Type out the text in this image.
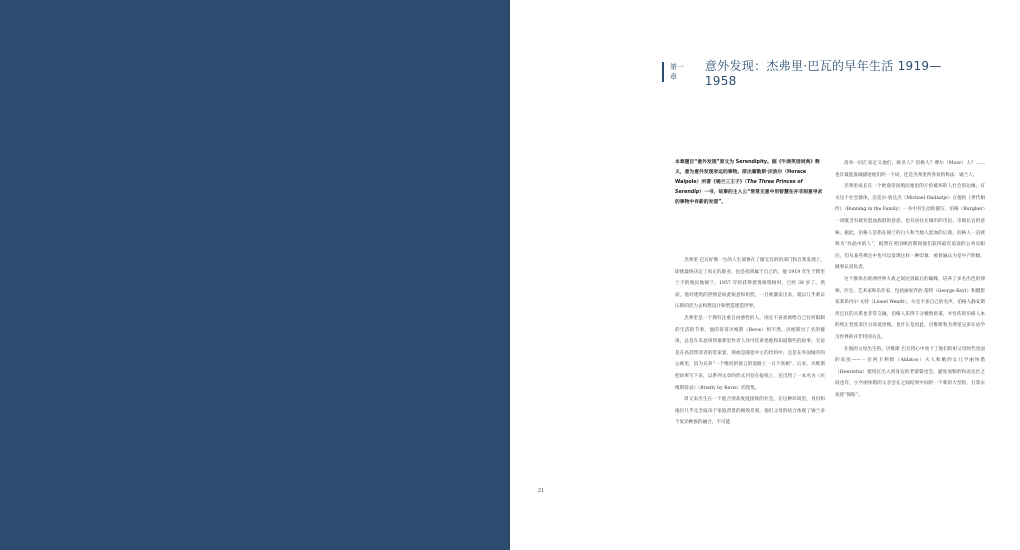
第一章
意外发现：杰弗里·巴瓦的早年生活 1919—1958
本章题目“意外发现”原文为 Serendipity。据《牛津英语词典》释义，意为意外发现幸运的事物。原出霍勒斯·沃波尔（Horace Walpole）所著《锡兰三王子》（The Three Princes of Serendip）一书，故事的主人公“常常无意中用智慧在并非刻意寻求的事物中有新的发现”。

杰弗里·巴瓦好像一生的人生部署在了循无目的的部门和自我发现上，即使最终决定了真正的职业，也是找到属于自己的。他 1919 年生于斯里兰卡的殖民地锡兰，1957 年时获得建筑师资格时，已经 38 岁了。然而，他对建筑的热情是如此锐意和炽烈，一旦被激发出来，就以几乎难以压抑的活力去构想设计和塑造建造世界。

杰弗里是一个拥有注重自由感性的人，闲且不喜欢被给自己任何限制的生活的节奏，他的哥哥贝维斯（Bevis）则不然。贝维斯出了名的健谈，总是在乐意叫到谁那里作者人洋可挂讲述他和知道那些的故事。无论是在高挂带者者的装家宴，抑或是随意中主的饮料中，还是在外国城市的公寓里，因为兄弟“一个维持的欲言的道路上一日个真相”，后来，贝维斯把故事写下来，以系列文章的形式刊登在报纸上，还出售了一本名为《贝维斯简录》（Briefly by Bevis）的选集。

周又来出生在一个混合别高度混接收的社会，在这种环境里，身份和地位几乎完全取决于家庭背景的细致差别。他们父母的结合体现了锡兰多个复杂种族的融合，不可能

清单一回汇家定义他们，欧亚人？伯格人？摩尔（Moor）人？……也许最能准确描述他们的一个词，还是杰弗里所喜欢的称法：锡兰人。

杰弗里成长在一个欧裔帝国殖民地里的斤伦破坏的人社会的边缘。有关这个社会群体，迈克尔·翁达杰（Michael Ondaatje）在他的《世代相传》（Running in the Family）一书中有生动的描写。伯格（Burgher）一词既含有欧亚混血族群的意思，也有居住在城市的市民、市镇长官的意味。据此，伯格人是指在锡兰的白人和当地人混血的后裔。伯格人一直被称为“亮晶中的人”，据然在英国统治期间他们获得最有前途的公务员职位，但从某些规定中也可以发现这样一种印象：被普遍认为是中产阶级、做事认真负责。

这个群体在欧洲世界大战之间达到最后的巅峰，培养了多名出色的律师、医生、艺术家和乐作家，包括画家乔治·基特（George Keyt）和摄影家莱昂内尔·文特（Lionel Wendt），尔且不多自己的名声。伯格人静安斯坦巴瓦的关系也非常交融，伯格人乐得千分精致讲道，并怪伤的伯格人本的纯正性度来区分高低贵贱，也许正是因此，贝维斯和杰弗里兄弟在论学习世界的并非特别关注。

在他的父母出生的。贝维斯·巴瓦将心中放下了他们的祖父母时代里面的高度——一位阿卡利姆（Aldatoo）夫人和她的女儿亨丽埃塔（Henrietta）使用过出入到身边的老婆婆也会，避免加勒哈和北边区之间也许，小亨丽埃塔的父亲会在之间结果中间的一个新的大型的，打算去欢迎“保险”。

21
